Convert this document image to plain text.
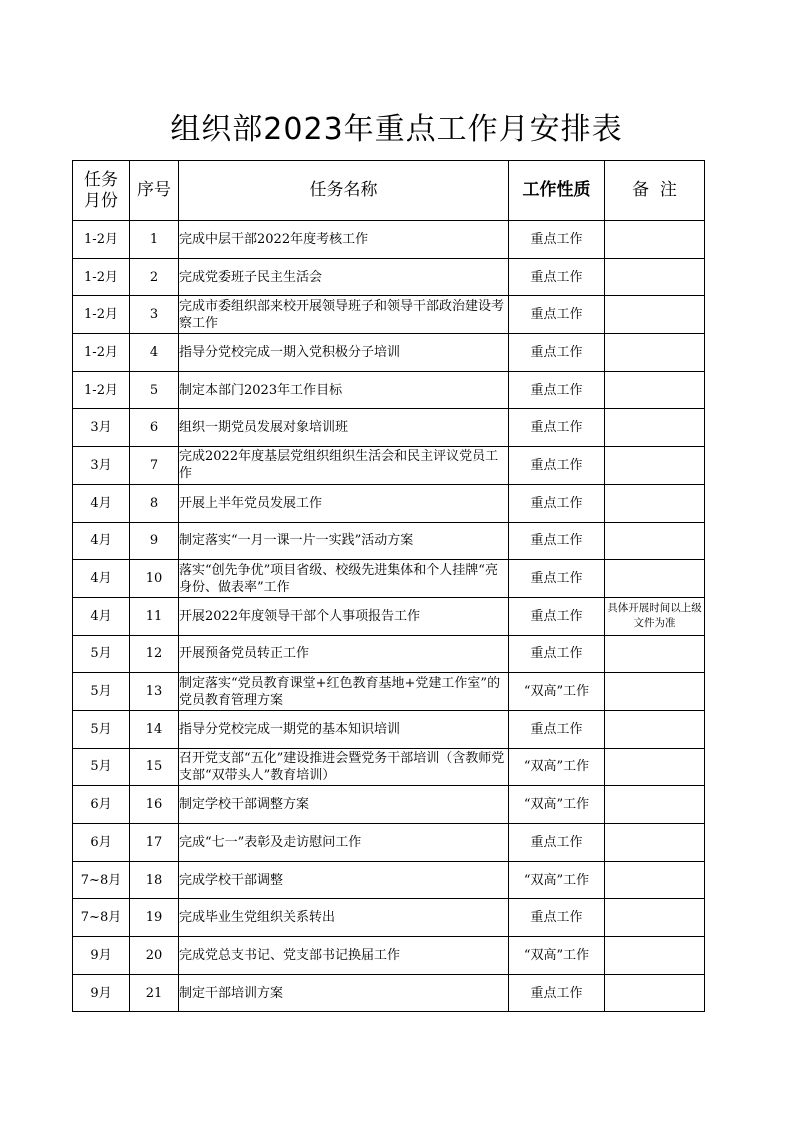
组织部2023年重点工作月安排表
任务月份	序号	任务名称	工作性质	备  注
1-2月	1	完成中层干部2022年度考核工作	重点工作	
1-2月	2	完成党委班子民主生活会	重点工作	
1-2月	3	完成市委组织部来校开展领导班子和领导干部政治建设考察工作	重点工作	
1-2月	4	指导分党校完成一期入党积极分子培训	重点工作	
1-2月	5	制定本部门2023年工作目标	重点工作	
3月	6	组织一期党员发展对象培训班	重点工作	
3月	7	完成2022年度基层党组织组织生活会和民主评议党员工作	重点工作	
4月	8	开展上半年党员发展工作	重点工作	
4月	9	制定落实“一月一课一片一实践”活动方案	重点工作	
4月	10	落实“创先争优”项目省级、校级先进集体和个人挂牌“亮身份、做表率”工作	重点工作	
4月	11	开展2022年度领导干部个人事项报告工作	重点工作	具体开展时间以上级文件为准
5月	12	开展预备党员转正工作	重点工作	
5月	13	制定落实“党员教育课堂+红色教育基地+党建工作室”的党员教育管理方案	“双高”工作	
5月	14	指导分党校完成一期党的基本知识培训	重点工作	
5月	15	召开党支部“五化”建设推进会暨党务干部培训（含教师党支部“双带头人”教育培训）	“双高”工作	
6月	16	制定学校干部调整方案	“双高”工作	
6月	17	完成“七一”表彰及走访慰问工作	重点工作	
7~8月	18	完成学校干部调整	“双高”工作	
7~8月	19	完成毕业生党组织关系转出	重点工作	
9月	20	完成党总支书记、党支部书记换届工作	“双高”工作	
9月	21	制定干部培训方案	重点工作	
